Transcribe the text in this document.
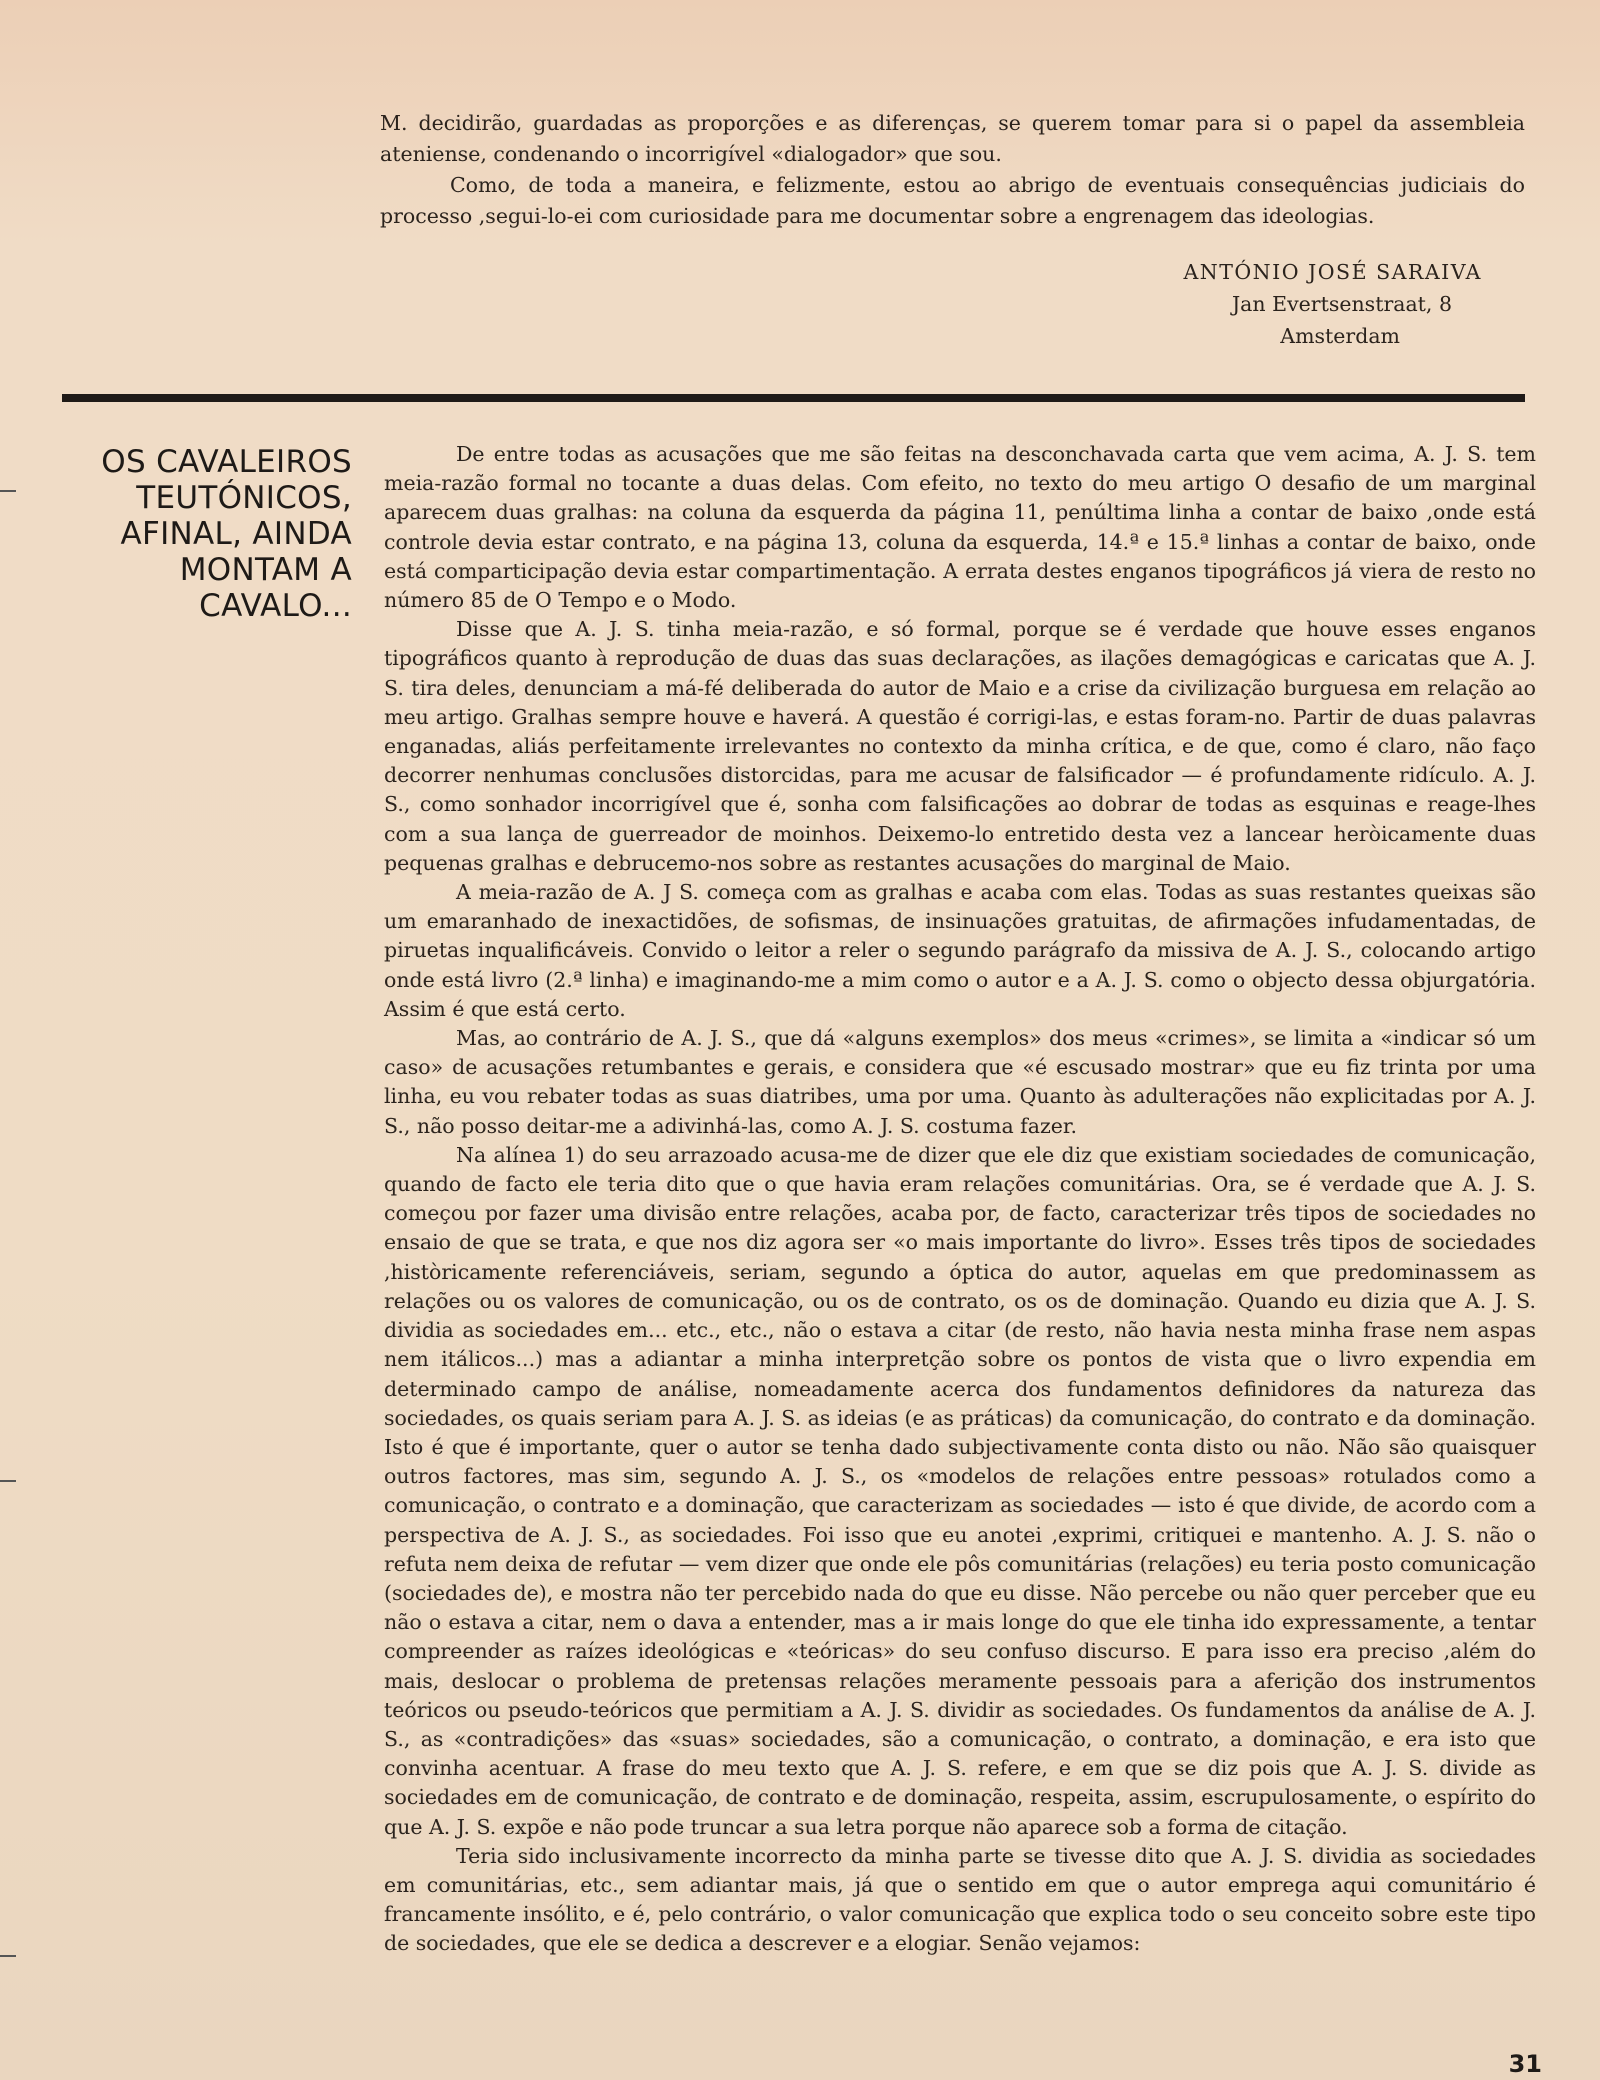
M. decidirão, guardadas as proporções e as diferenças, se querem tomar para si o papel da assembleia ateniense, condenando o incorrigível «dialogador» que sou.

Como, de toda a maneira, e felizmente, estou ao abrigo de eventuais consequências judiciais do processo ,segui-lo-ei com curiosidade para me documentar sobre a engrenagem das ideologias.

ANTÓNIO JOSÉ SARAIVA
Jan Evertsenstraat, 8
Amsterdam
OS CAVALEIROS
TEUTÓNICOS,
AFINAL, AINDA
MONTAM A
CAVALO...

De entre todas as acusações que me são feitas na desconchavada carta que vem acima, A. J. S. tem meia-razão formal no tocante a duas delas. Com efeito, no texto do meu artigo O desafio de um marginal aparecem duas gralhas: na coluna da esquerda da página 11, penúltima linha a contar de baixo ,onde está controle devia estar contrato, e na página 13, coluna da esquerda, 14.ª e 15.ª linhas a contar de baixo, onde está comparticipação devia estar compartimentação. A errata destes enganos tipográficos já viera de resto no número 85 de O Tempo e o Modo.

Disse que A. J. S. tinha meia-razão, e só formal, porque se é verdade que houve esses enganos tipográficos quanto à reprodução de duas das suas declarações, as ilações demagógicas e caricatas que A. J. S. tira deles, denunciam a má-fé deliberada do autor de Maio e a crise da civilização burguesa em relação ao meu artigo. Gralhas sempre houve e haverá. A questão é corrigi-las, e estas foram-no. Partir de duas palavras enganadas, aliás perfeitamente irrelevantes no contexto da minha crítica, e de que, como é claro, não faço decorrer nenhumas conclusões distorcidas, para me acusar de falsificador — é profundamente ridículo. A. J. S., como sonhador incorrigível que é, sonha com falsificações ao dobrar de todas as esquinas e reage-lhes com a sua lança de guerreador de moinhos. Deixemo-lo entretido desta vez a lancear heròicamente duas pequenas gralhas e debrucemo-nos sobre as restantes acusações do marginal de Maio.

A meia-razão de A. J S. começa com as gralhas e acaba com elas. Todas as suas restantes queixas são um emaranhado de inexactidões, de sofismas, de insinuações gratuitas, de afirmações infudamentadas, de piruetas inqualificáveis. Convido o leitor a reler o segundo parágrafo da missiva de A. J. S., colocando artigo onde está livro (2.ª linha) e imaginando-me a mim como o autor e a A. J. S. como o objecto dessa objurgatória. Assim é que está certo.

Mas, ao contrário de A. J. S., que dá «alguns exemplos» dos meus «crimes», se limita a «indicar só um caso» de acusações retumbantes e gerais, e considera que «é escusado mostrar» que eu fiz trinta por uma linha, eu vou rebater todas as suas diatribes, uma por uma. Quanto às adulterações não explicitadas por A. J. S., não posso deitar-me a adivinhá-las, como A. J. S. costuma fazer.

Na alínea 1) do seu arrazoado acusa-me de dizer que ele diz que existiam sociedades de comunicação, quando de facto ele teria dito que o que havia eram relações comunitárias. Ora, se é verdade que A. J. S. começou por fazer uma divisão entre relações, acaba por, de facto, caracterizar três tipos de sociedades no ensaio de que se trata, e que nos diz agora ser «o mais importante do livro». Esses três tipos de sociedades ,històricamente referenciáveis, seriam, segundo a óptica do autor, aquelas em que predominassem as relações ou os valores de comunicação, ou os de contrato, os os de dominação. Quando eu dizia que A. J. S. dividia as sociedades em... etc., etc., não o estava a citar (de resto, não havia nesta minha frase nem aspas nem itálicos...) mas a adiantar a minha interpretção sobre os pontos de vista que o livro expendia em determinado campo de análise, nomeadamente acerca dos fundamentos definidores da natureza das sociedades, os quais seriam para A. J. S. as ideias (e as práticas) da comunicação, do contrato e da dominação. Isto é que é importante, quer o autor se tenha dado subjectivamente conta disto ou não. Não são quaisquer outros factores, mas sim, segundo A. J. S., os «modelos de relações entre pessoas» rotulados como a comunicação, o contrato e a dominação, que caracterizam as sociedades — isto é que divide, de acordo com a perspectiva de A. J. S., as sociedades. Foi isso que eu anotei ,exprimi, critiquei e mantenho. A. J. S. não o refuta nem deixa de refutar — vem dizer que onde ele pôs comunitárias (relações) eu teria posto comunicação (sociedades de), e mostra não ter percebido nada do que eu disse. Não percebe ou não quer perceber que eu não o estava a citar, nem o dava a entender, mas a ir mais longe do que ele tinha ido expressamente, a tentar compreender as raízes ideológicas e «teóricas» do seu confuso discurso. E para isso era preciso ,além do mais, deslocar o problema de pretensas relações meramente pessoais para a aferição dos instrumentos teóricos ou pseudo-teóricos que permitiam a A. J. S. dividir as sociedades. Os fundamentos da análise de A. J. S., as «contradições» das «suas» sociedades, são a comunicação, o contrato, a dominação, e era isto que convinha acentuar. A frase do meu texto que A. J. S. refere, e em que se diz pois que A. J. S. divide as sociedades em de comunicação, de contrato e de dominação, respeita, assim, escrupulosamente, o espírito do que A. J. S. expõe e não pode truncar a sua letra porque não aparece sob a forma de citação.

Teria sido inclusivamente incorrecto da minha parte se tivesse dito que A. J. S. dividia as sociedades em comunitárias, etc., sem adiantar mais, já que o sentido em que o autor emprega aqui comunitário é francamente insólito, e é, pelo contrário, o valor comunicação que explica todo o seu conceito sobre este tipo de sociedades, que ele se dedica a descrever e a elogiar. Senão vejamos:

31
